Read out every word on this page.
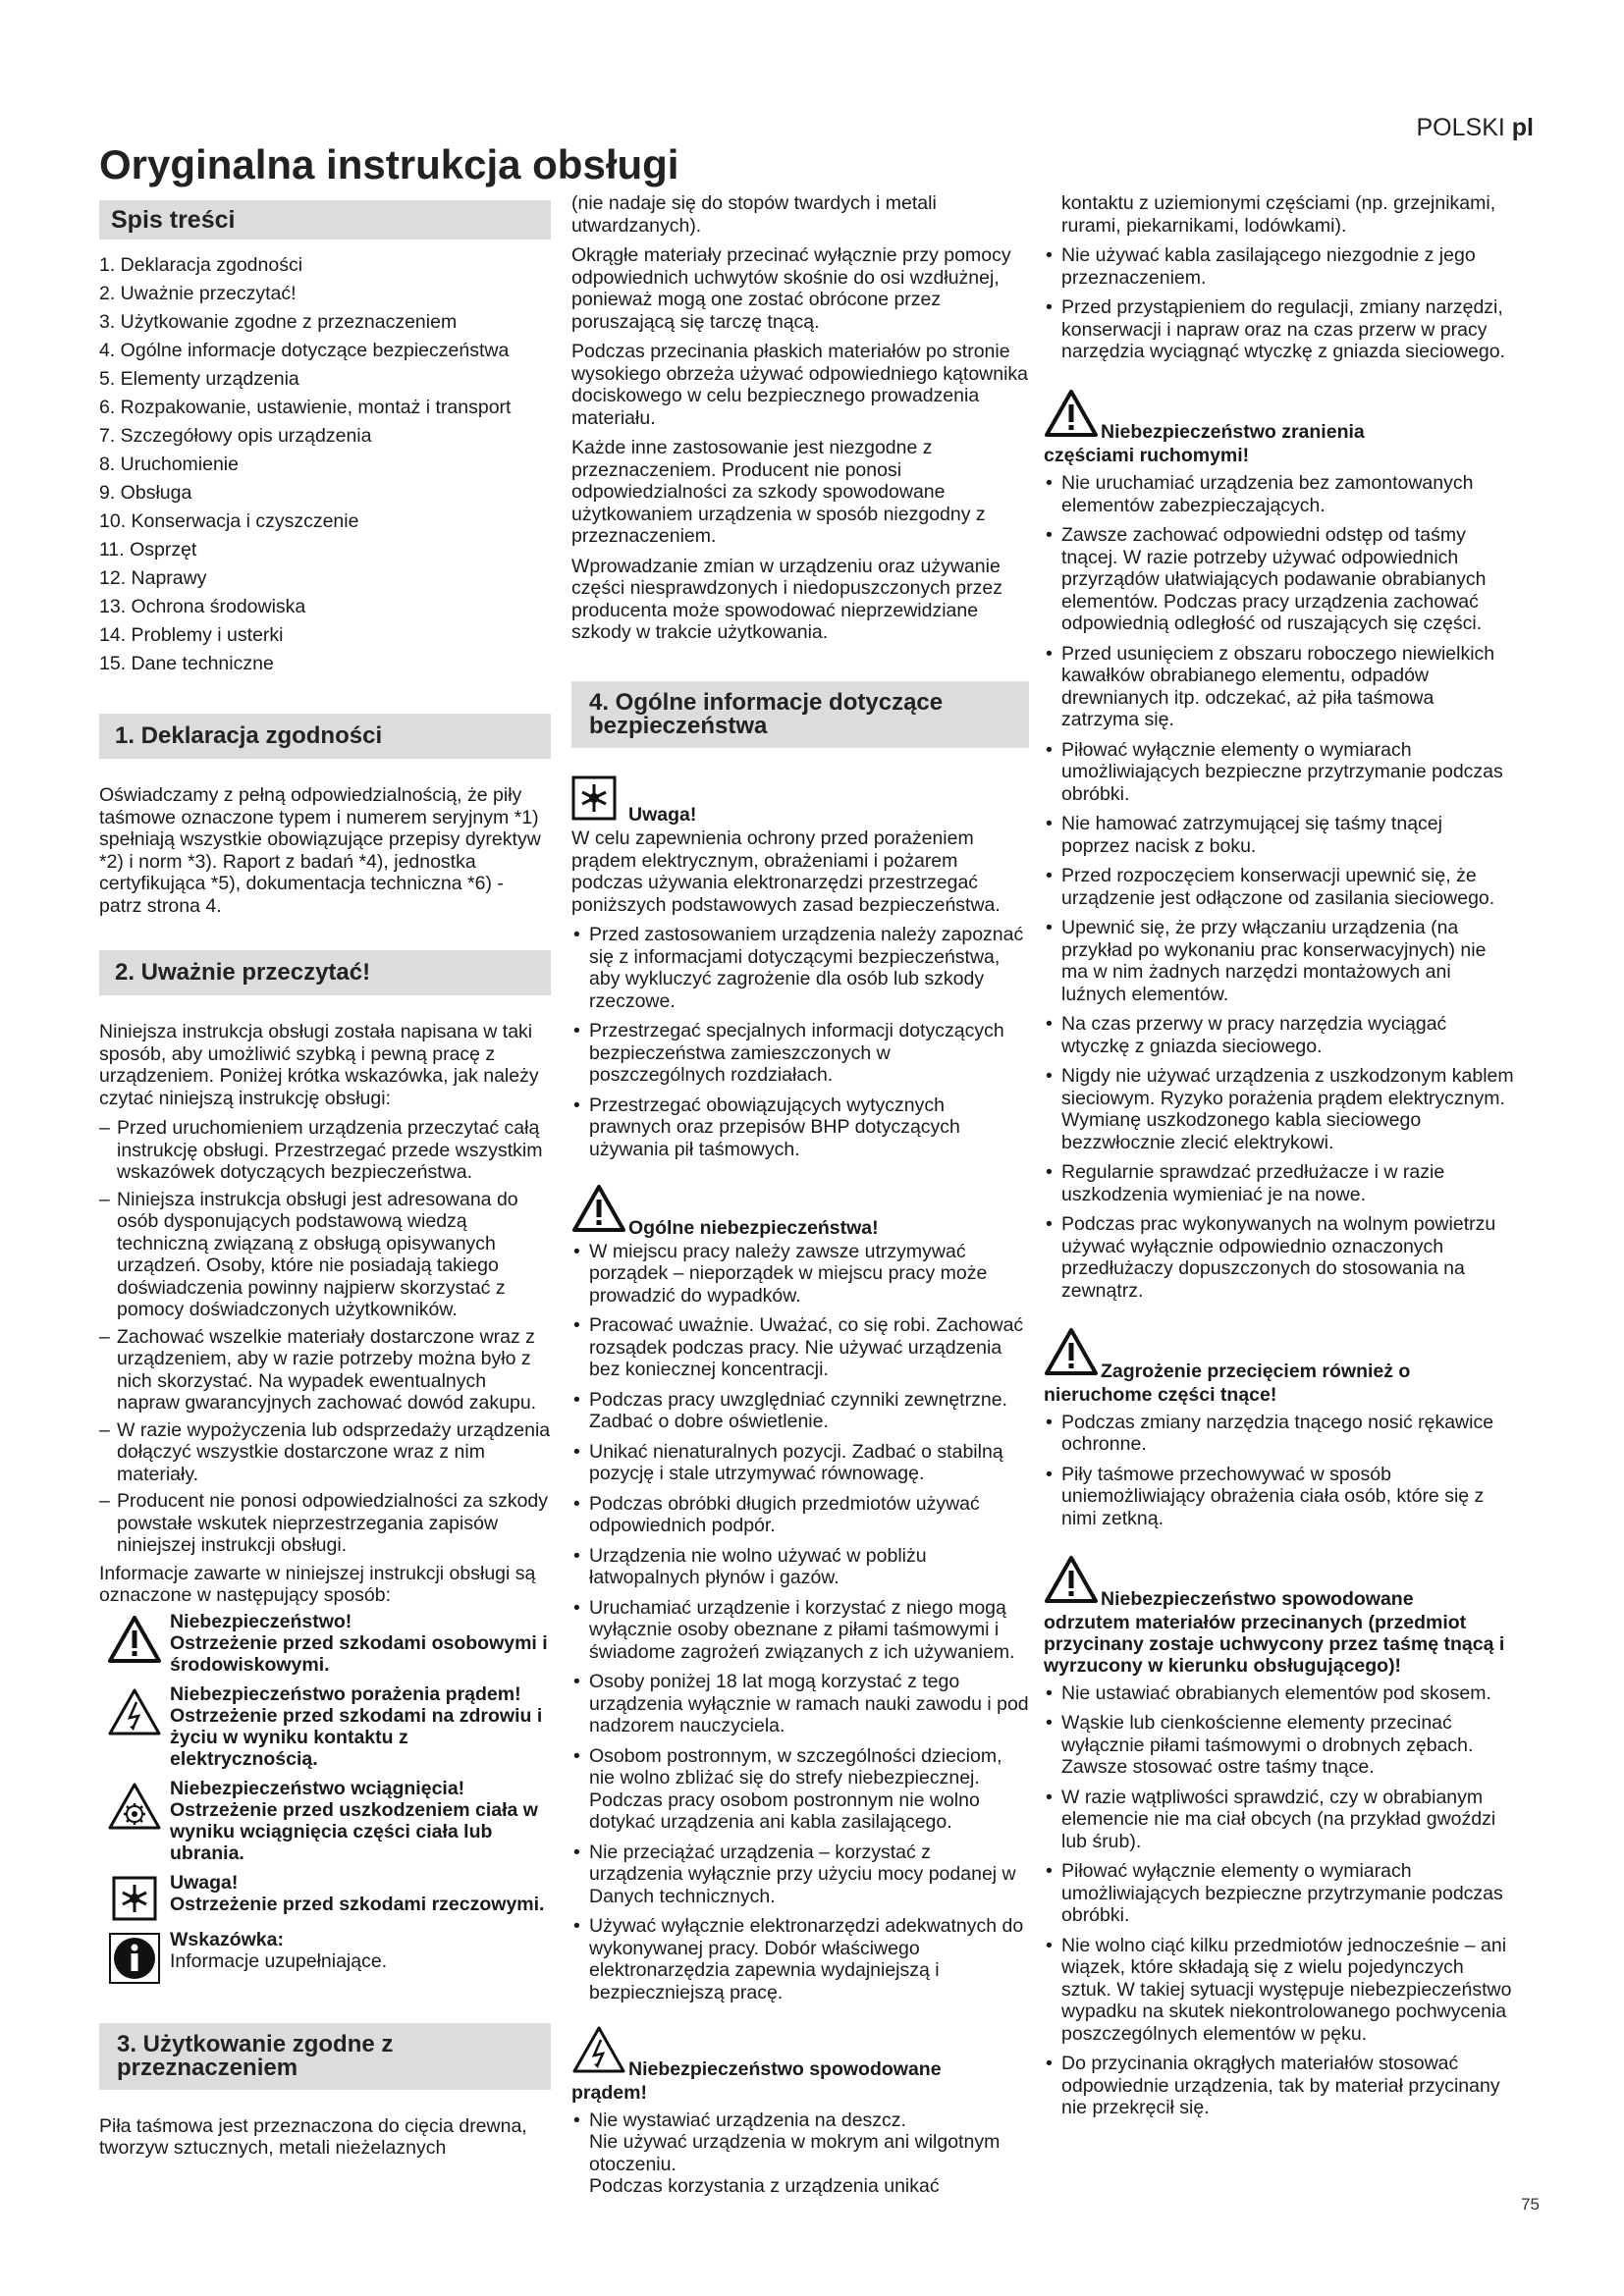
POLSKI pl
Oryginalna instrukcja obsługi
Spis treści
1. Deklaracja zgodności
2. Uważnie przeczytać!
3. Użytkowanie zgodne z przeznaczeniem
4. Ogólne informacje dotyczące bezpieczeństwa
5. Elementy urządzenia
6. Rozpakowanie, ustawienie, montaż i transport
7. Szczegółowy opis urządzenia
8. Uruchomienie
9. Obsługa
10. Konserwacja i czyszczenie
11. Osprzęt
12. Naprawy
13. Ochrona środowiska
14. Problemy i usterki
15. Dane techniczne
1. Deklaracja zgodności

Oświadczamy z pełną odpowiedzialnością, że piły taśmowe oznaczone typem i numerem seryjnym *1) spełniają wszystkie obowiązujące przepisy dyrektyw *2) i norm *3). Raport z badań *4), jednostka certyfikująca *5), dokumentacja techniczna *6) - patrz strona 4.

2. Uważnie przeczytać!

Niniejsza instrukcja obsługi została napisana w taki sposób, aby umożliwić szybką i pewną pracę z urządzeniem. Poniżej krótka wskazówka, jak należy czytać niniejszą instrukcję obsługi:

– Przed uruchomieniem urządzenia przeczytać całą instrukcję obsługi. Przestrzegać przede wszystkim wskazówek dotyczących bezpieczeństwa.
– Niniejsza instrukcja obsługi jest adresowana do osób dysponujących podstawową wiedzą techniczną związaną z obsługą opisywanych urządzeń. Osoby, które nie posiadają takiego doświadczenia powinny najpierw skorzystać z pomocy doświadczonych użytkowników.
– Zachować wszelkie materiały dostarczone wraz z urządzeniem, aby w razie potrzeby można było z nich skorzystać. Na wypadek ewentualnych napraw gwarancyjnych zachować dowód zakupu.
– W razie wypożyczenia lub odsprzedaży urządzenia dołączyć wszystkie dostarczone wraz z nim materiały.
– Producent nie ponosi odpowiedzialności za szkody powstałe wskutek nieprzestrzegania zapisów niniejszej instrukcji obsługi.

Informacje zawarte w niniejszej instrukcji obsługi są oznaczone w następujący sposób:

Niebezpieczeństwo!
Ostrzeżenie przed szkodami osobowymi i środowiskowymi.
Niebezpieczeństwo porażenia prądem!
Ostrzeżenie przed szkodami na zdrowiu i życiu w wyniku kontaktu z elektrycznością.
Niebezpieczeństwo wciągnięcia!
Ostrzeżenie przed uszkodzeniem ciała w wyniku wciągnięcia części ciała lub ubrania.
Uwaga!
Ostrzeżenie przed szkodami rzeczowymi.
Wskazówka:
Informacje uzupełniające.
3. Użytkowanie zgodne z przeznaczeniem

Piła taśmowa jest przeznaczona do cięcia drewna, tworzyw sztucznych, metali nieżelaznych

(nie nadaje się do stopów twardych i metali utwardzanych).

Okrągłe materiały przecinać wyłącznie przy pomocy odpowiednich uchwytów skośnie do osi wzdłużnej, ponieważ mogą one zostać obrócone przez poruszającą się tarczę tną​cą.

Podczas przecinania płaskich materiałów po stronie wysokiego obrzeża używać odpowiedniego kątownika dociskowego w celu bezpiecznego prowadzenia materiału.

Każde inne zastosowanie jest niezgodne z przeznaczeniem. Producent nie ponosi odpowiedzialności za szkody spowodowane użytkowaniem urządzenia w sposób niezgodny z przeznaczeniem.

Wprowadzanie zmian w urządzeniu oraz używanie części niesprawdzonych i niedopuszczonych przez producenta może spowodować nieprzewidziane szkody w trakcie użytkowania.

4. Ogólne informacje dotyczące bezpieczeństwa
Uwaga!

W celu zapewnienia ochrony przed porażeniem prądem elektrycznym, obrażeniami i pożarem podczas używania elektronarzędzi przestrzegać poniższych podstawowych zasad bezpieczeństwa.

• Przed zastosowaniem urządzenia należy zapoznać się z informacjami dotyczącymi bezpieczeństwa, aby wykluczyć zagrożenie dla osób lub szkody rzeczowe.
• Przestrzegać specjalnych informacji dotyczących bezpieczeństwa zamieszczonych w poszczególnych rozdziałach.
• Przestrzegać obowiązujących wytycznych prawnych oraz przepisów BHP dotyczących używania pił taśmowych.
Ogólne niebezpieczeństwa!
• W miejscu pracy należy zawsze utrzymywać porządek – nieporządek w miejscu pracy może prowadzić do wypadków.
• Pracować uważnie. Uważać, co się robi. Zachować rozsądek podczas pracy. Nie używać urządzenia bez koniecznej koncentracji.
• Podczas pracy uwzględniać czynniki zewnętrzne. Zadbać o dobre oświetlenie.
• Unikać nienaturalnych pozycji. Zadbać o stabilną pozycję i stale utrzymywać równowagę.
• Podczas obróbki długich przedmiotów używać odpowiednich podpór.
• Urządzenia nie wolno używać w pobliżu łatwopalnych płynów i gazów.
• Uruchamiać urządzenie i korzystać z niego mogą wyłącznie osoby obeznane z piłami taśmowymi i świadome zagrożeń związanych z ich używaniem.
• Osoby poniżej 18 lat mogą korzystać z tego urządzenia wyłącznie w ramach nauki zawodu i pod nadzorem nauczyciela.
• Osobom postronnym, w szczególności dzieciom, nie wolno zbliżać się do strefy niebezpiecznej. Podczas pracy osobom postronnym nie wolno dotykać urządzenia ani kabla zasilającego.
• Nie przeciążać urządzenia – korzystać z urządzenia wyłącznie przy użyciu mocy podanej w Danych technicznych.
• Używać wyłącznie elektronarzędzi adekwatnych do wykonywanej pracy. Dobór właściwego elektronarzędzia zapewnia wydajniejszą i bezpieczniejszą pracę.
Niebezpieczeństwo spowodowane
prądem!
• Nie wystawiać urządzenia na deszcz.
Nie używać urządzenia w mokrym ani wilgotnym otoczeniu.
Podczas korzystania z urządzenia unikać

kontaktu z uziemionymi częściami (np. grzejnikami, rurami, piekarnikami, lodówkami).

• Nie używać kabla zasilającego niezgodnie z jego przeznaczeniem.
• Przed przystąpieniem do regulacji, zmiany narzędzi, konserwacji i napraw oraz na czas przerw w pracy narzędzia wyciągnąć wtyczkę z gniazda sieciowego.
Niebezpieczeństwo zranienia
częściami ruchomymi!
• Nie uruchamiać urządzenia bez zamontowanych elementów zabezpieczających.
• Zawsze zachować odpowiedni odstęp od taśmy tnącej. W razie potrzeby używać odpowiednich przyrządów ułatwiających podawanie obrabianych elementów. Podczas pracy urządzenia zachować odpowiednią odległość od ruszających się części.
• Przed usunięciem z obszaru roboczego niewielkich kawałków obrabianego elementu, odpadów drewnianych itp. odczekać, aż piła taśmowa zatrzyma się.
• Piłować wyłącznie elementy o wymiarach umożliwiających bezpieczne przytrzymanie podczas obróbki.
• Nie hamować zatrzymującej się taśmy tnącej poprzez nacisk z boku.
• Przed rozpoczęciem konserwacji upewnić się, że urządzenie jest odłączone od zasilania sieciowego.
• Upewnić się, że przy włączaniu urządzenia (na przykład po wykonaniu prac konserwacyjnych) nie ma w nim żadnych narzędzi montażowych ani luźnych elementów.
• Na czas przerwy w pracy narzędzia wyciągać wtyczkę z gniazda sieciowego.
• Nigdy nie używać urządzenia z uszkodzonym kablem sieciowym. Ryzyko porażenia prądem elektrycznym. Wymianę uszkodzonego kabla sieciowego bezzwłocznie zlecić elektrykowi.
• Regularnie sprawdzać przedłużacze i w razie uszkodzenia wymieniać je na nowe.
• Podczas prac wykonywanych na wolnym powietrzu używać wyłącznie odpowiednio oznaczonych przedłużaczy dopuszczonych do stosowania na zewnątrz.
Zagrożenie przecięciem również o
nieruchome części tnące!
• Podczas zmiany narzędzia tnącego nosić rękawice ochronne.
• Piły taśmowe przechowywać w sposób uniemożliwiający obrażenia ciała osób, które się z nimi zetkną.
Niebezpieczeństwo spowodowane
odrzutem materiałów przecinanych (przedmiot przycinany zostaje uchwycony przez taśmę tnącą i wyrzucony w kierunku obsługującego)!
• Nie ustawiać obrabianych elementów pod skosem.
• Wąskie lub cienkościenne elementy przecinać wyłącznie piłami taśmowymi o drobnych zębach. Zawsze stosować ostre taśmy tnące.
• W razie wątpliwości sprawdzić, czy w obrabianym elemencie nie ma ciał obcych (na przykład gwoździ lub śrub).
• Piłować wyłącznie elementy o wymiarach umożliwiających bezpieczne przytrzymanie podczas obróbki.
• Nie wolno ciąć kilku przedmiotów jednocześnie – ani wiązek, które składają się z wielu pojedynczych sztuk. W takiej sytuacji występuje niebezpieczeństwo wypadku na skutek niekontrolowanego pochwycenia poszczególnych elementów w pęku.
• Do przycinania okrągłych materiałów stosować odpowiednie urządzenia, tak by materiał przycinany nie przekręcił się.
75
